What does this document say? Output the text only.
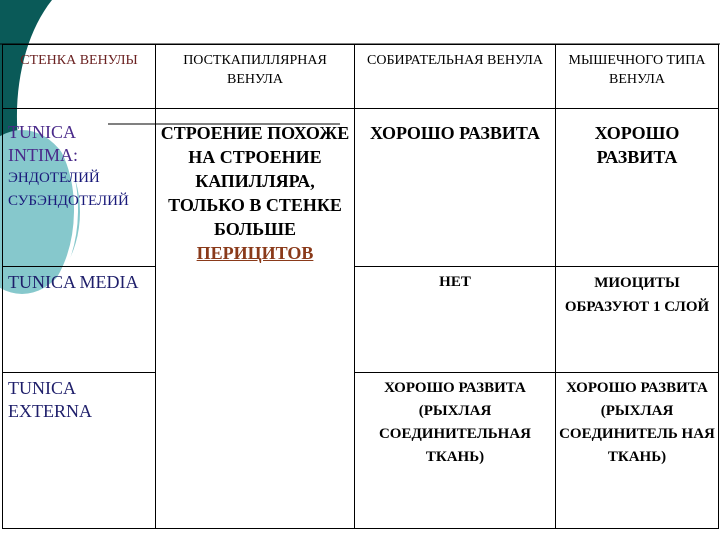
СТЕНКА ВЕНУЛЫ	ПОСТКАПИЛЛЯРНАЯ ВЕНУЛА	СОБИРАТЕЛЬНАЯ ВЕНУЛА	МЫШЕЧНОГО ТИПА ВЕНУЛА
TUNICA
INTIMA:

ЭНДОТЕЛИЙ
СУБЭНДОТЕЛИЙ	СТРОЕНИЕ ПОХОЖЕ НА СТРОЕНИЕ КАПИЛЛЯРА, ТОЛЬКО В СТЕНКЕ БОЛЬШЕ ПЕРИЦИТОВ	ХОРОШО РАЗВИТА	ХОРОШО РАЗВИТА
TUNICA MEDIA		НЕТ	МИОЦИТЫ ОБРАЗУЮТ 1 СЛОЙ
TUNICA EXTERNA		ХОРОШО РАЗВИТА (РЫХЛАЯ СОЕДИНИТЕЛЬНАЯ ТКАНЬ)	ХОРОШО РАЗВИТА (РЫХЛАЯ СОЕДИНИТЕЛЬ НАЯ ТКАНЬ)
